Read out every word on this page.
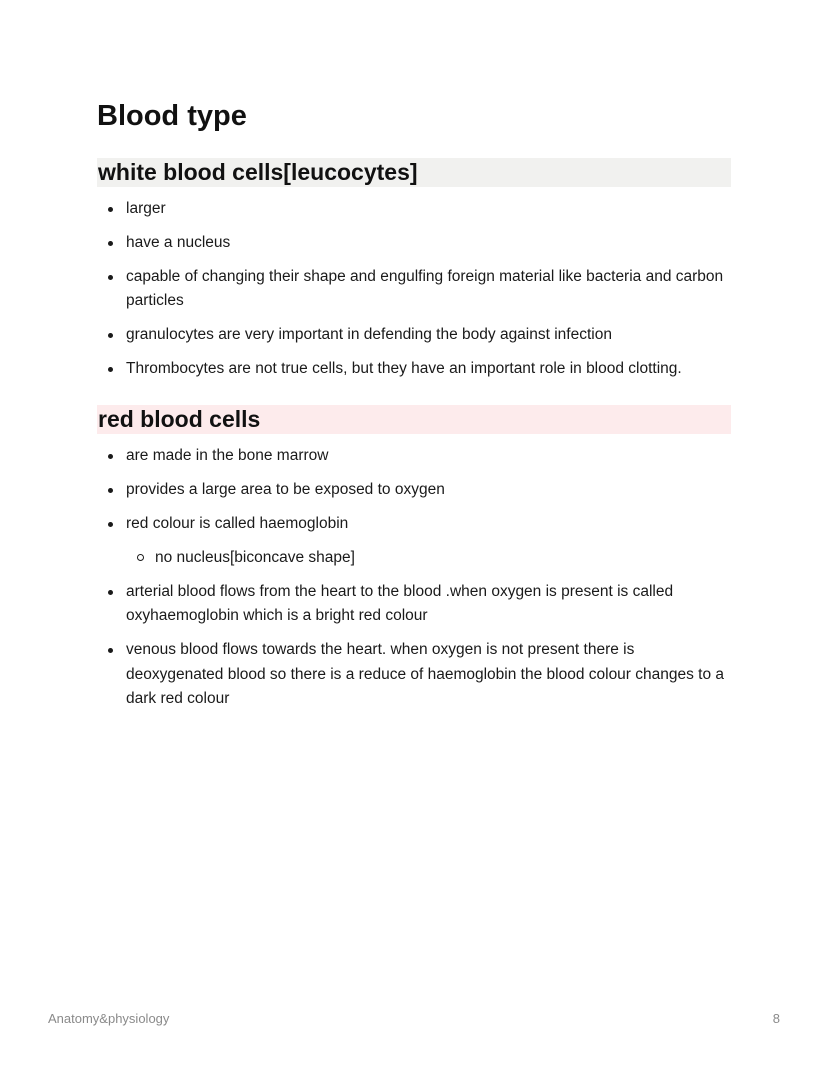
Blood type
white blood cells[leucocytes]
larger
have a nucleus
capable of changing their shape and engulfing foreign material like bacteria and carbon particles
granulocytes are very important in defending the body against infection
Thrombocytes are not true cells, but they have an important role in blood clotting.
red blood cells
are made in the bone marrow
provides a large area to be exposed to oxygen
red colour is called haemoglobin
no nucleus[biconcave shape]
arterial blood flows from the heart to the blood .when oxygen is present is called oxyhaemoglobin which is a bright red colour
venous blood flows towards the heart. when oxygen is not present there is deoxygenated blood so there is a reduce of haemoglobin the blood colour changes to a dark red colour
Anatomy&physiology	8
